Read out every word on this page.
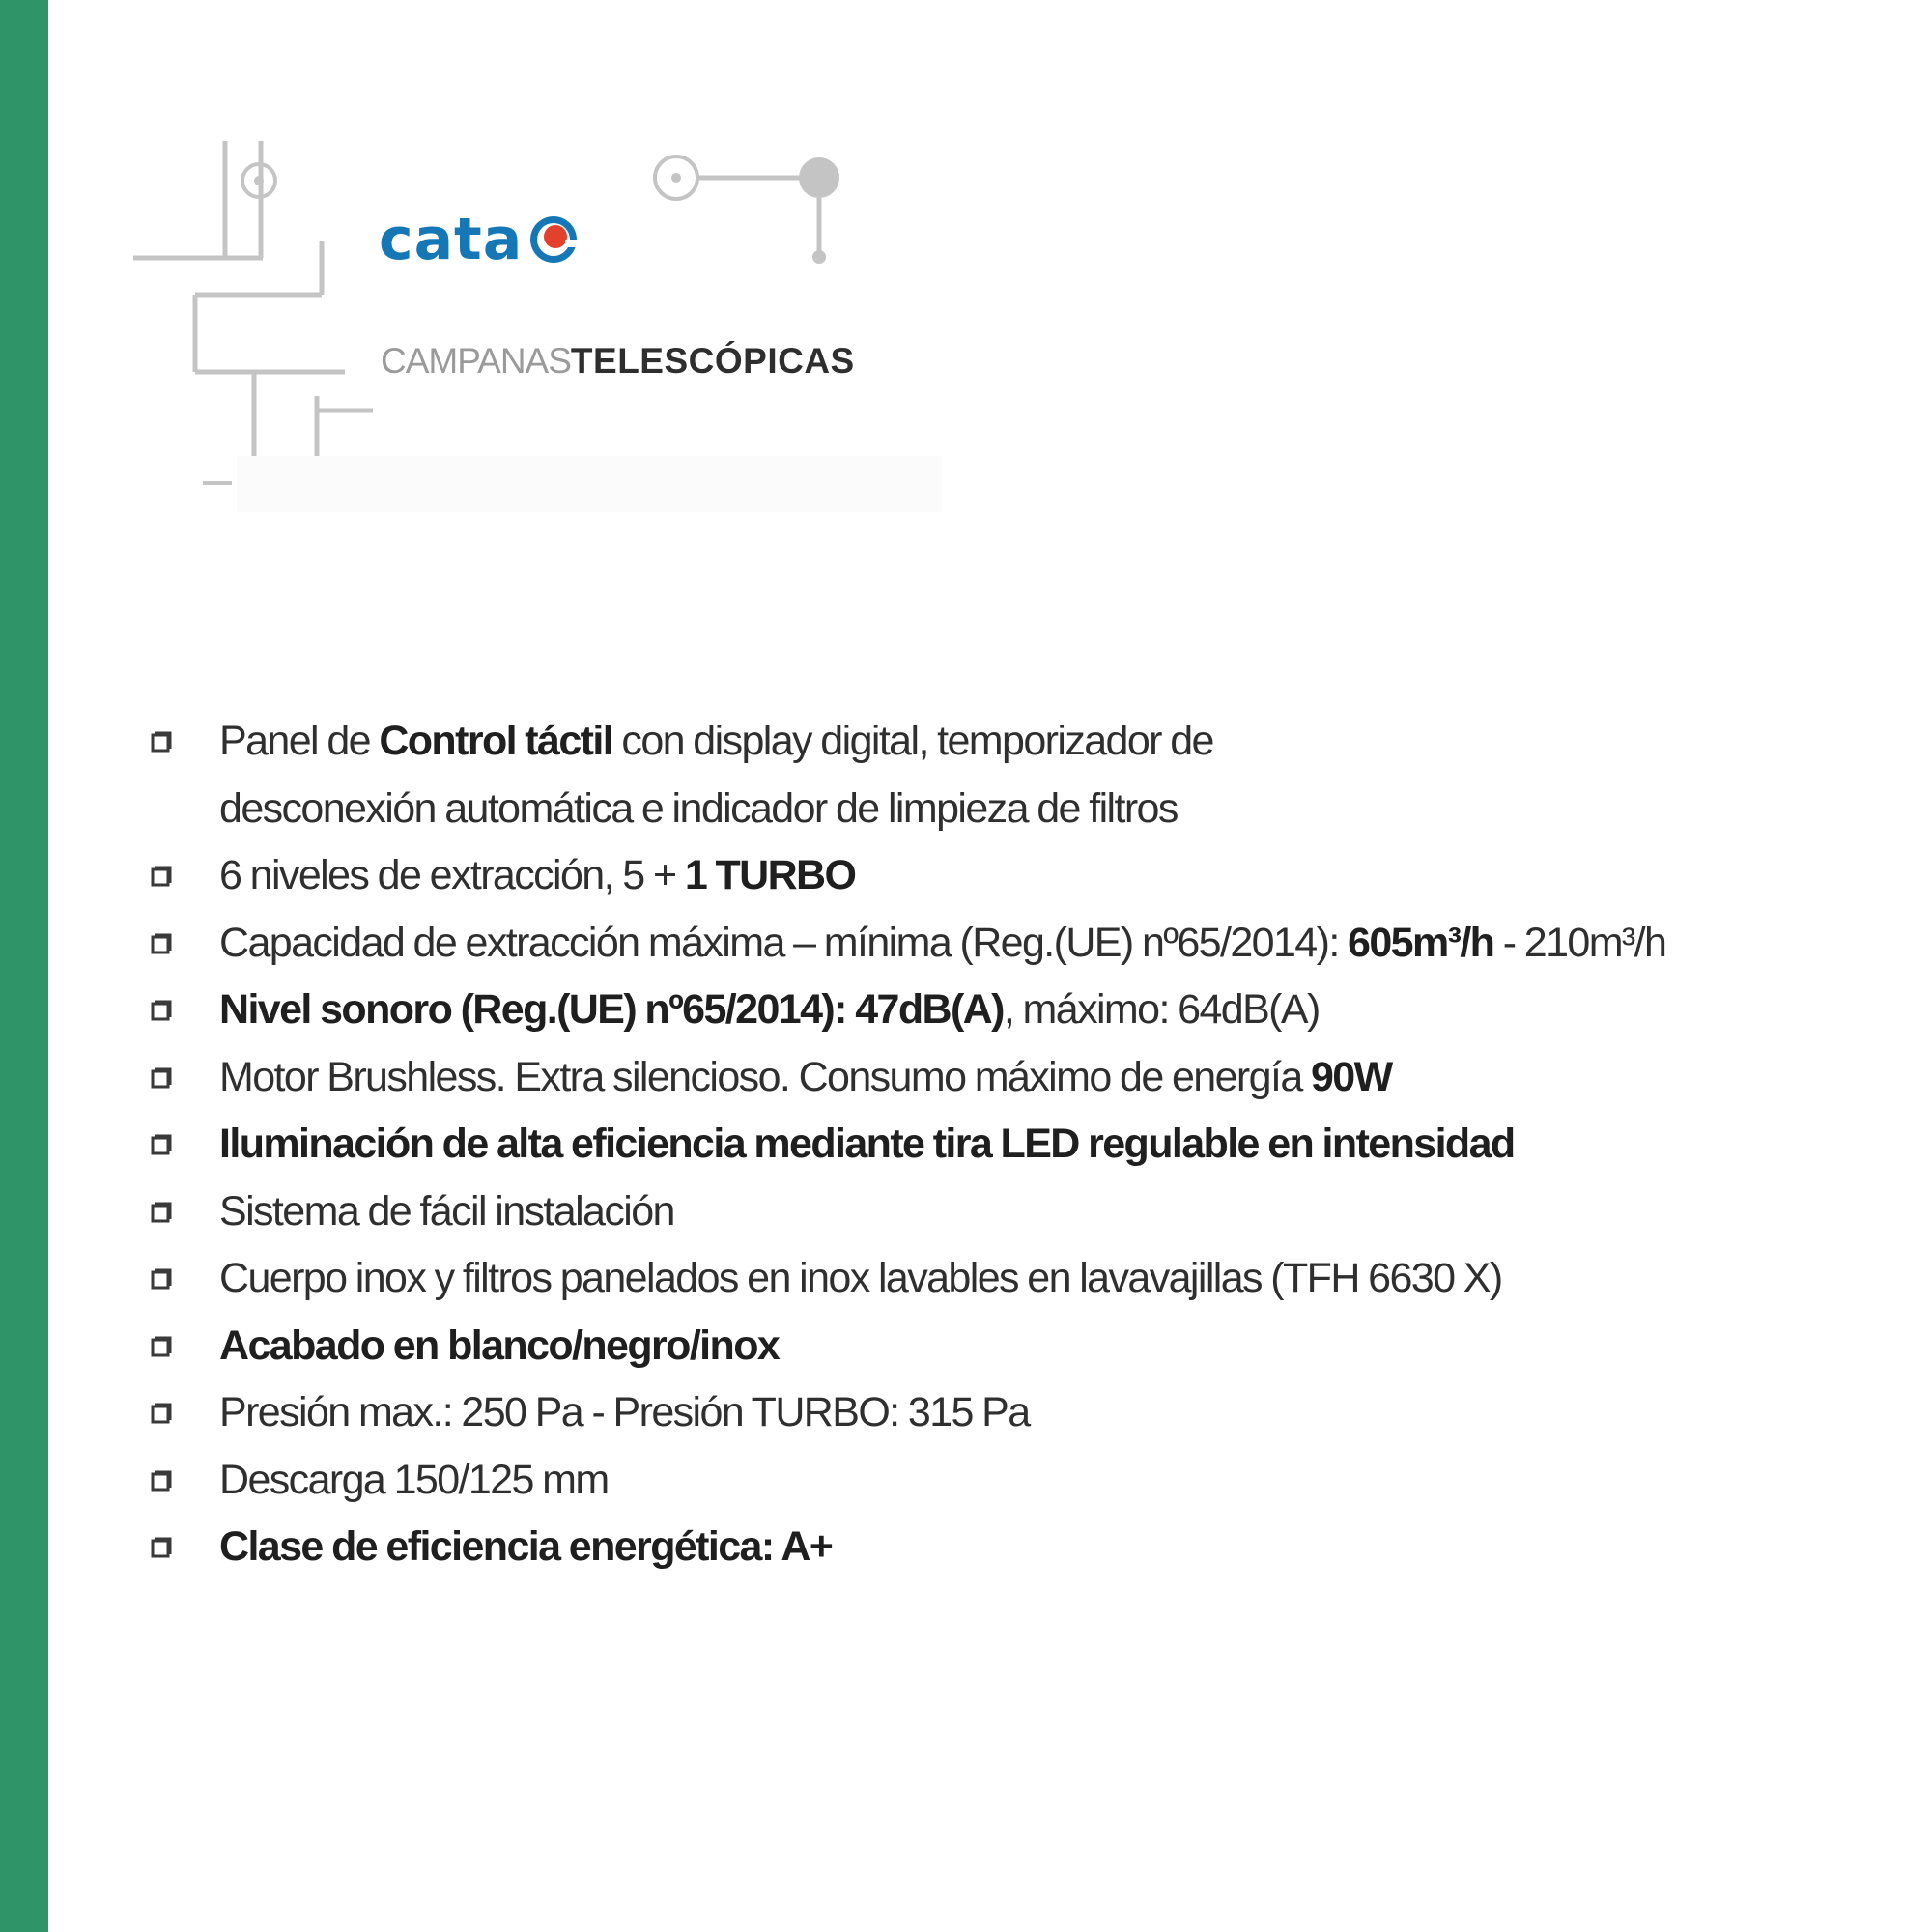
cata
CAMPANASTELESCÓPICAS
Panel de Control táctil con display digital, temporizador de desconexión automática e indicador de limpieza de filtros
6 niveles de extracción, 5 + 1 TURBO
Capacidad de extracción máxima – mínima (Reg.(UE) nº65/2014): 605m³/h - 210m³/h
Nivel sonoro (Reg.(UE) nº65/2014): 47dB(A), máximo: 64dB(A)
Motor Brushless. Extra silencioso. Consumo máximo de energía 90W
Iluminación de alta eficiencia mediante tira LED regulable en intensidad
Sistema de fácil instalación
Cuerpo inox y filtros panelados en inox lavables en lavavajillas (TFH 6630 X)
Acabado en blanco/negro/inox
Presión max.: 250 Pa - Presión TURBO: 315 Pa
Descarga 150/125 mm
Clase de eficiencia energética: A+
